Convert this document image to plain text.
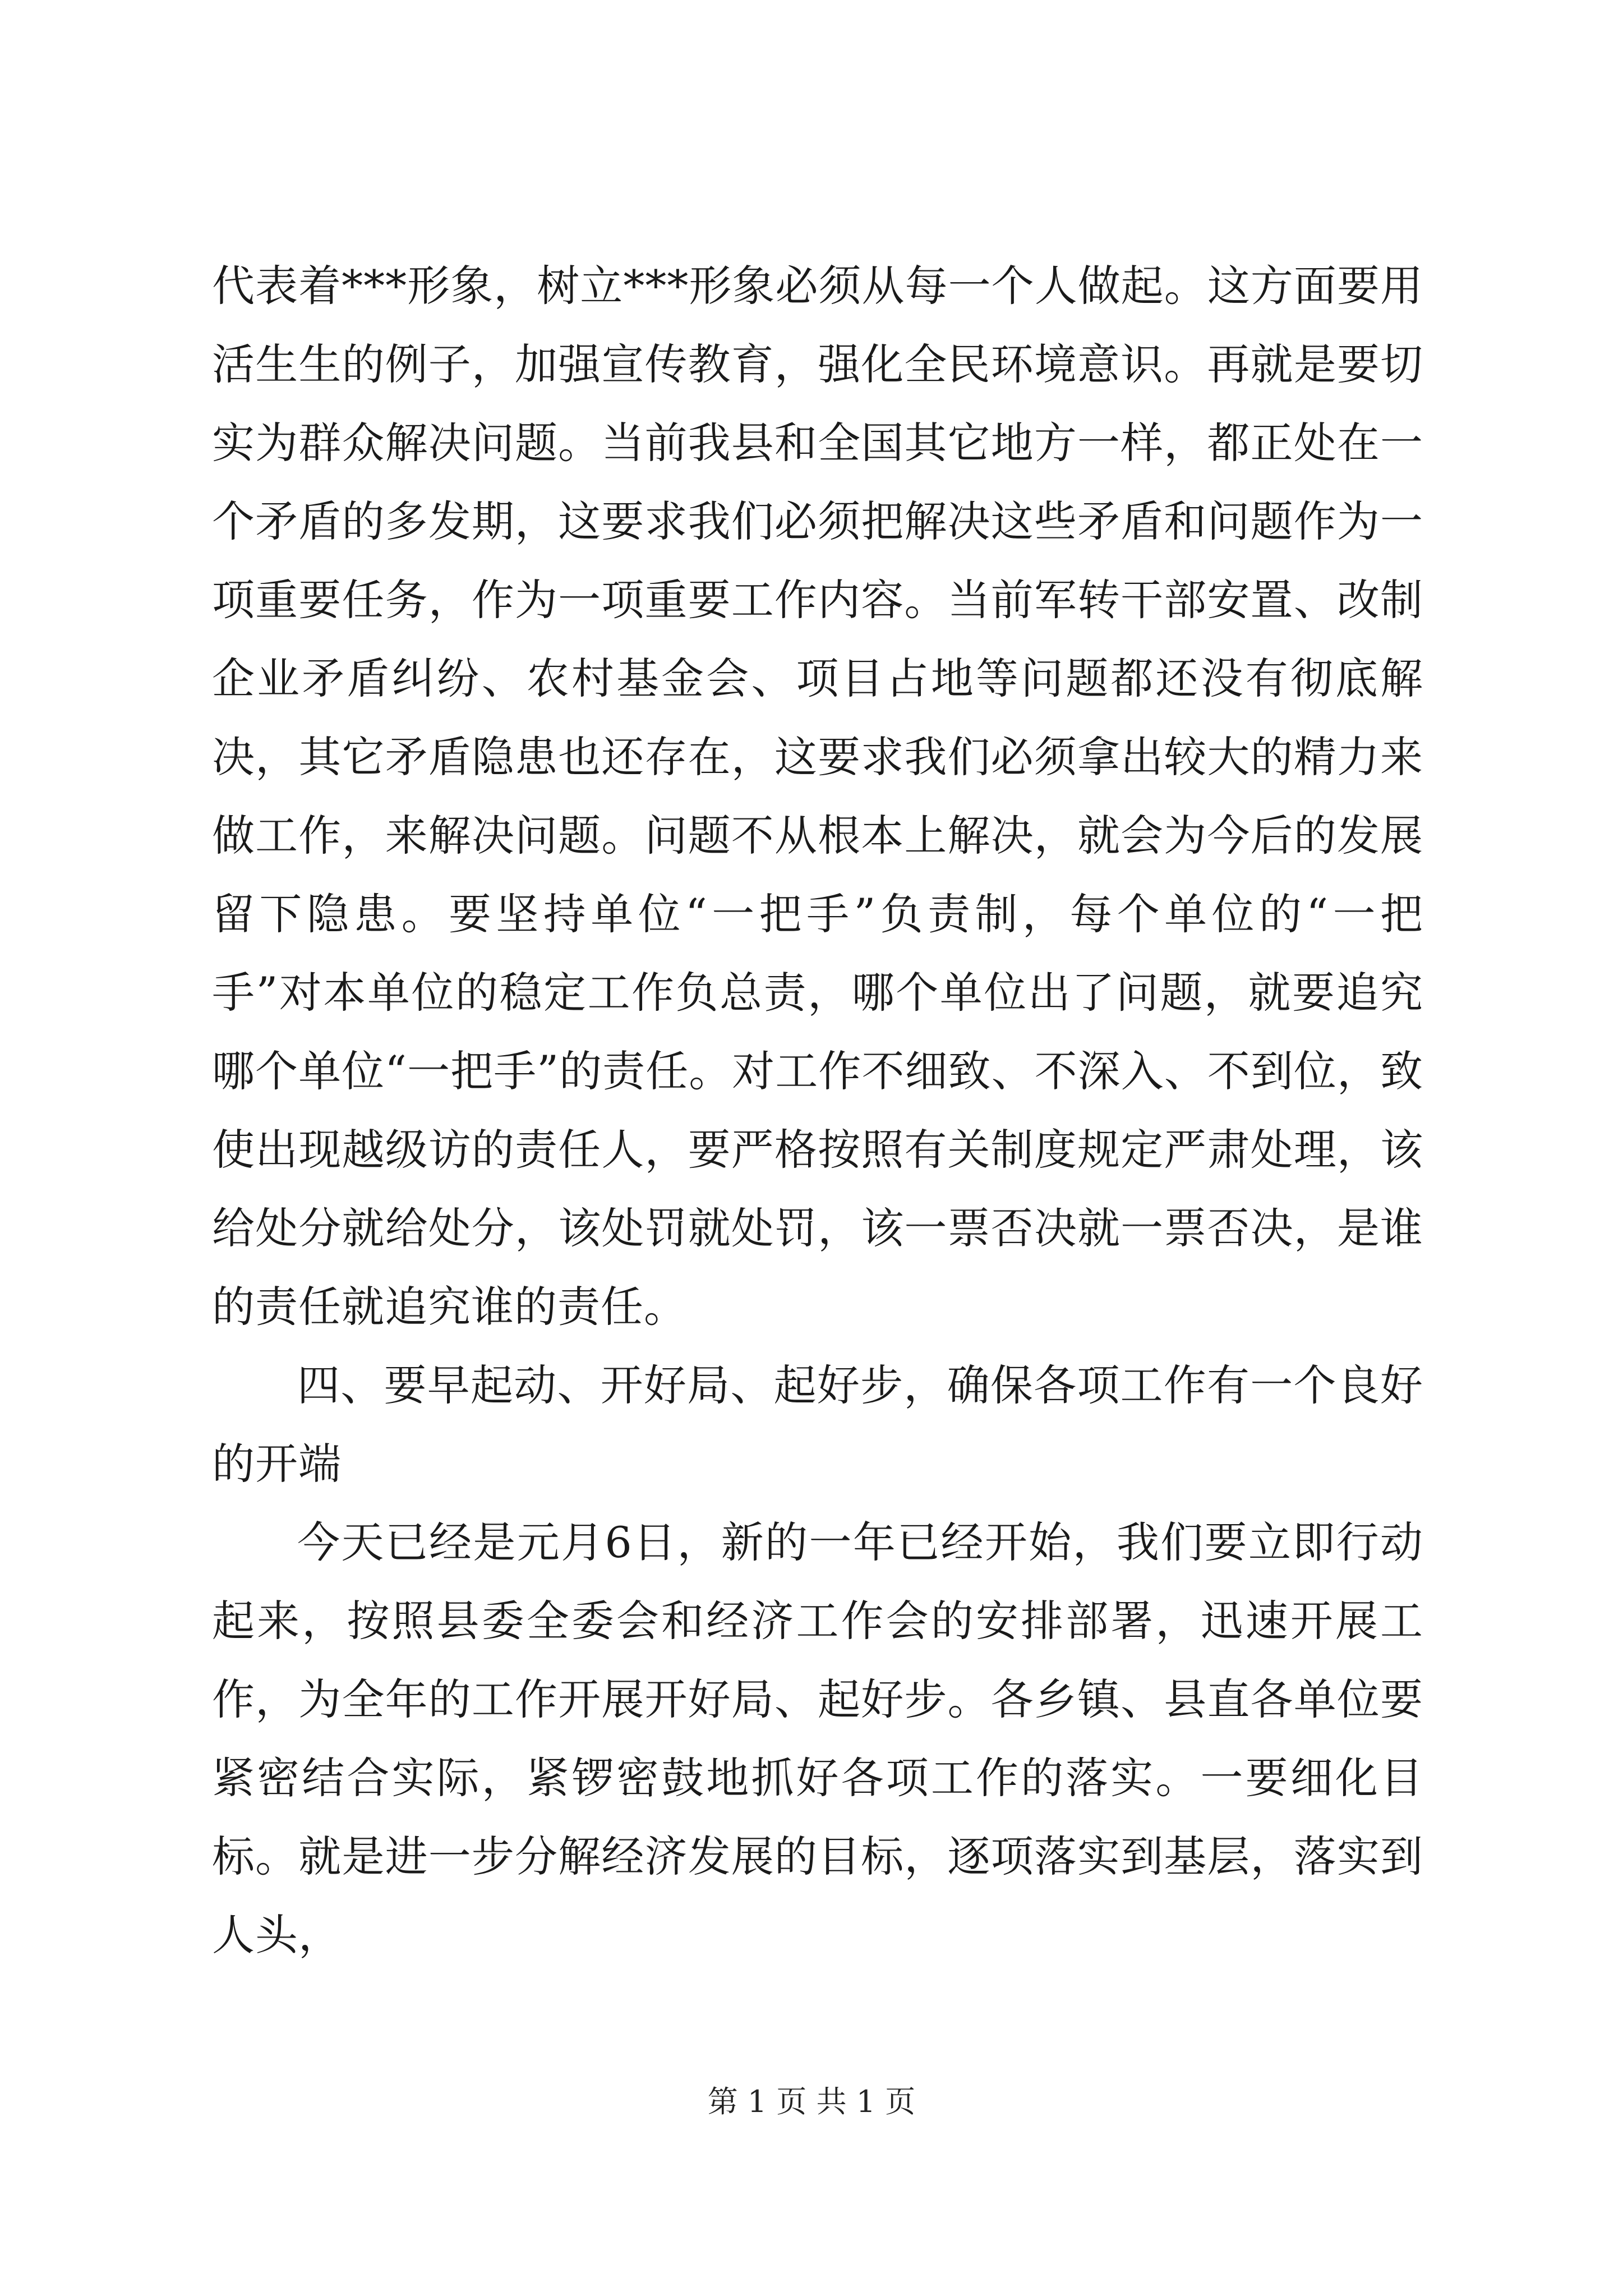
代表着***形象，树立***形象必须从每一个人做起。这方面要用活生生的例子，加强宣传教育，强化全民环境意识。再就是要切实为群众解决问题。当前我县和全国其它地方一样，都正处在一个矛盾的多发期，这要求我们必须把解决这些矛盾和问题作为一项重要任务，作为一项重要工作内容。当前军转干部安置、改制企业矛盾纠纷、农村基金会、项目占地等问题都还没有彻底解决，其它矛盾隐患也还存在，这要求我们必须拿出较大的精力来做工作，来解决问题。问题不从根本上解决，就会为今后的发展留下隐患。要坚持单位“一把手”负责制，每个单位的“一把手”对本单位的稳定工作负总责，哪个单位出了问题，就要追究哪个单位“一把手”的责任。对工作不细致、不深入、不到位，致使出现越级访的责任人，要严格按照有关制度规定严肃处理，该给处分就给处分，该处罚就处罚，该一票否决就一票否决，是谁的责任就追究谁的责任。

四、要早起动、开好局、起好步，确保各项工作有一个良好的开端

今天已经是元月6日，新的一年已经开始，我们要立即行动起来，按照县委全委会和经济工作会的安排部署，迅速开展工作，为全年的工作开展开好局、起好步。各乡镇、县直各单位要紧密结合实际，紧锣密鼓地抓好各项工作的落实。一要细化目标。就是进一步分解经济发展的目标，逐项落实到基层，落实到人头，

第 1 页 共 1 页
